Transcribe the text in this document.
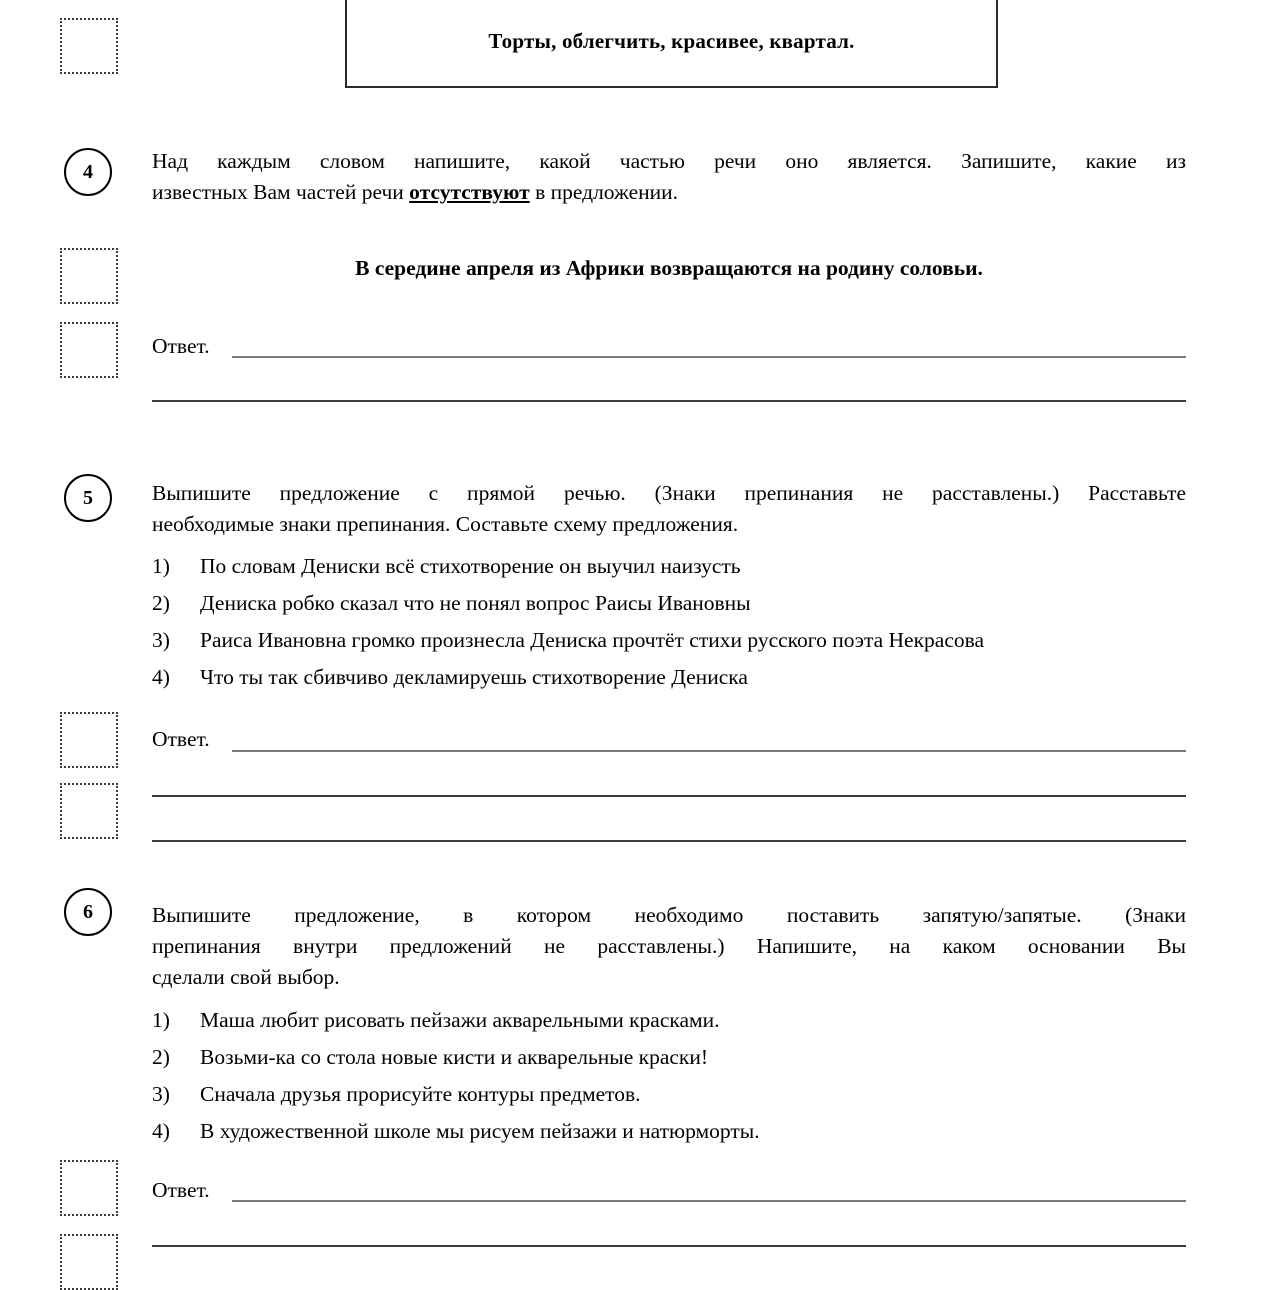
Торты, облегчить, красивее, квартал.
4	Над каждым словом напишите, какой частью речи оно является. Запишите, какие из
известных Вам частей речи отсутствуют в предложении.
В середине апреля из Африки возвращаются на родину соловьи.
Ответ.
5	Выпишите предложение с прямой речью. (Знаки препинания не расставлены.) Расставьте
необходимые знаки препинания. Составьте схему предложения.
1)	По словам Дениски всё стихотворение он выучил наизусть
2)	Дениска робко сказал что не понял вопрос Раисы Ивановны
3)	Раиса Ивановна громко произнесла Дениска прочтёт стихи русского поэта Некрасова
4)	Что ты так сбивчиво декламируешь стихотворение Дениска
Ответ.
6	Выпишите предложение, в котором необходимо поставить запятую/запятые. (Знаки
препинания внутри предложений не расставлены.) Напишите, на каком основании Вы
сделали свой выбор.
1)	Маша любит рисовать пейзажи акварельными красками.
2)	Возьми-ка со стола новые кисти и акварельные краски!
3)	Сначала друзья прорисуйте контуры предметов.
4)	В художественной школе мы рисуем пейзажи и натюрморты.
Ответ.
